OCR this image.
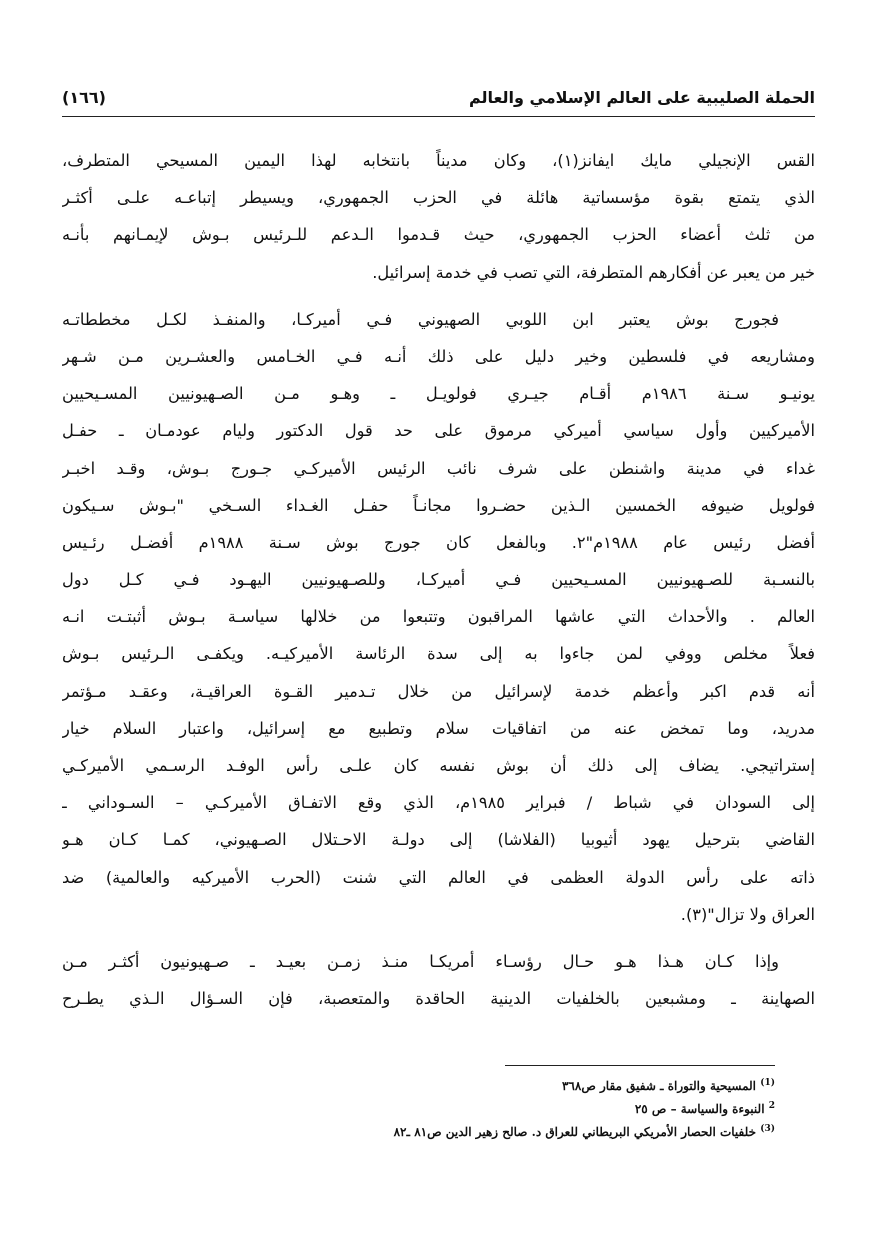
الحملة الصليبية على العالم الإسلامي والعالم
(١٦٦)
القس الإنجيلي مايك ايفانز(١)، وكان مديناً بانتخابه لهذا اليمين المسيحي المتطرف،
الذي يتمتع بقوة مؤسساتية هائلة في الحزب الجمهوري، ويسيطر إتباعـه علـى أكثـر
من ثلث أعضاء الحزب الجمهوري، حيث قـدموا الـدعم للـرئيس بـوش لإيمـانهم بأنـه
خير من يعبر عن أفكارهم المتطرفة، التي تصب في خدمة إسرائيل.
فجورج بوش يعتبر ابن اللوبي الصهيوني فـي أميركـا، والمنفـذ لكـل مخططاتـه
ومشاريعه في فلسطين وخير دليل على ذلك أنـه فـي الخـامس والعشـرين مـن شـهر
يونيـو سـنة ١٩٨٦م أقـام جيـري فولويـل ـ وهـو مـن الصـهيونيين المسـيحيين
الأميركيين وأول سياسي أميركي مرموق على حد قول الدكتور وليام عودمـان ـ حفـل
غداء في مدينة واشنطن على شرف نائب الرئيس الأميركـي جـورج بـوش، وقـد اخبـر
فولويل ضيوفه الخمسين الـذين حضـروا مجانـاً حفـل الغـداء السـخي "بـوش سـيكون
أفضل رئيس عام ١٩٨٨م"٢. وبالفعل كان جورج بوش سـنة ١٩٨٨م أفضـل رئـيس
بالنسـبة للصـهيونيين المسـيحيين فـي أميركـا، وللصـهيونيين اليهـود فـي كـل دول
العالم . والأحداث التي عاشها المراقبون وتتبعوا من خلالها سياسـة بـوش أثبتـت انـه
فعلاً مخلص ووفي لمن جاءوا به إلى سدة الرئاسة الأميركيـه. ويكفـى الـرئيس بـوش
أنه قدم اكبر وأعظم خدمة لإسرائيل من خلال تـدمير القـوة العراقيـة، وعقـد مـؤتمر
مدريد، وما تمخض عنه من اتفاقيات سلام وتطبيع مع إسرائيل، واعتبار السلام خيار
إستراتيجي. يضاف إلى ذلك أن بوش نفسه كان علـى رأس الوفـد الرسـمي الأميركـي
إلى السودان في شباط / فبراير ١٩٨٥م، الذي وقع الاتفـاق الأميركـي – السـوداني ـ
القاضي بترحيل يهود أثيوبيا (الفلاشا) إلى دولـة الاحـتلال الصـهيوني، كمـا كـان هـو
ذاته على رأس الدولة العظمى في العالم التي شنت (الحرب الأميركيه والعالمية) ضد
العراق ولا تزال"(٣).
وإذا كـان هـذا هـو حـال رؤسـاء أمريكـا منـذ زمـن بعيـد ـ صـهيونيون أكثـر مـن
الصهاينة ـ ومشبعين بالخلفيات الدينية الحاقدة والمتعصبة، فإن السـؤال الـذي يطـرح
$^{(1)}$ المسيحية والتوراة ـ شفيق مقار ص٣٦٨
$^2$ النبوءة والسياسة – ص ٢٥
$^{(3)}$ خلفيات الحصار الأمريكي البريطاني للعراق د. صالح زهير الدين ص٨١ ـ٨٢
